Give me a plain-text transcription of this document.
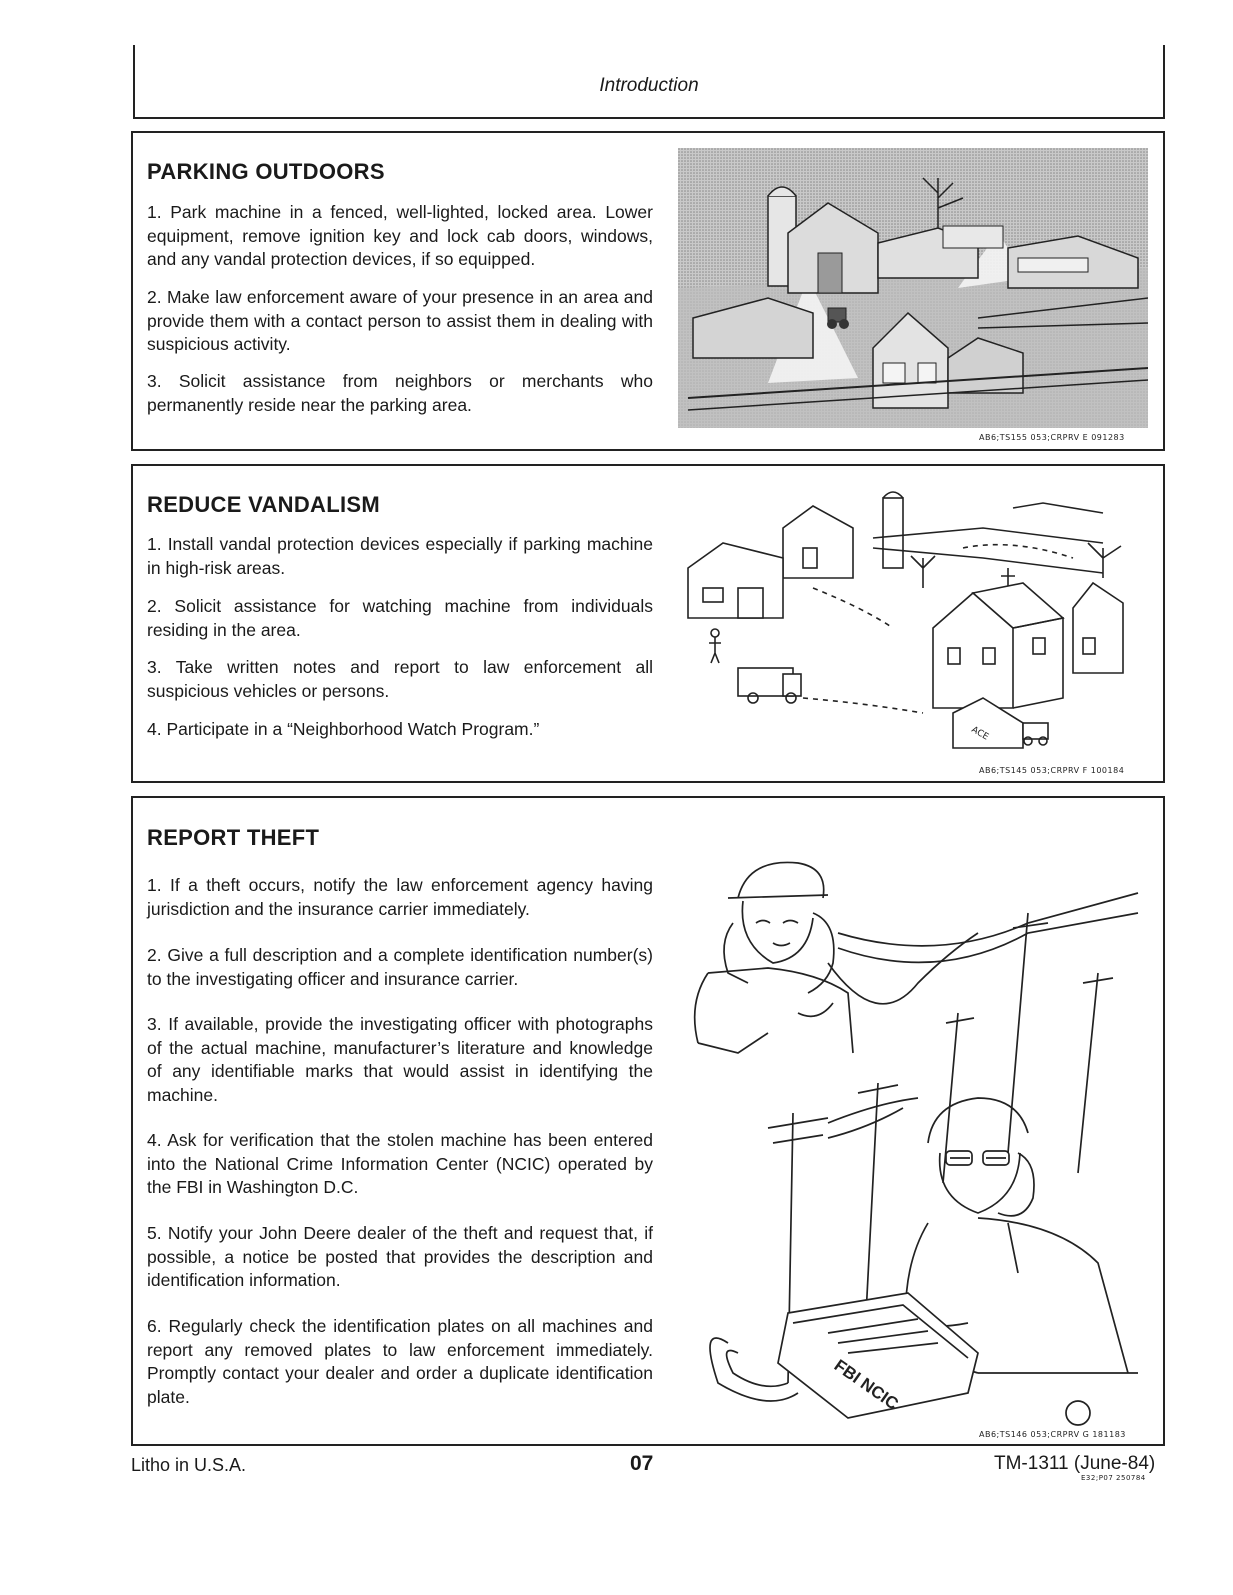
Introduction
PARKING OUTDOORS
1. Park machine in a fenced, well-lighted, locked area. Lower equipment, remove ignition key and lock cab doors, windows, and any vandal protection devices, if so equipped.
2. Make law enforcement aware of your presence in an area and provide them with a contact person to assist them in dealing with suspicious activity.
3. Solicit assistance from neighbors or merchants who permanently reside near the parking area.
AB6;TS155 053;CRPRV E 091283
REDUCE VANDALISM
1. Install vandal protection devices especially if parking machine in high-risk areas.
2. Solicit assistance for watching machine from individuals residing in the area.
3. Take written notes and report to law enforcement all suspicious vehicles or persons.
4. Participate in a “Neighborhood Watch Program.”	ACE
AB6;TS145 053;CRPRV F 100184
REPORT THEFT
1. If a theft occurs, notify the law enforcement agency having jurisdiction and the insurance carrier immediately.
2. Give a full description and a complete identification number(s) to the investigating officer and insurance carrier.
3. If available, provide the investigating officer with photographs of the actual machine, manufacturer’s literature and knowledge of any identifiable marks that would assist in identifying the machine.
4. Ask for verification that the stolen machine has been entered into the National Crime Information Center (NCIC) operated by the FBI in Washington D.C.
5. Notify your John Deere dealer of the theft and request that, if possible, a notice be posted that provides the description and identification information.
6. Regularly check the identification plates on all machines and report any removed plates to law enforcement immediately. Promptly contact your dealer and order a duplicate identification plate.	FBI NCIC
AB6;TS146 053;CRPRV G 181183
Litho in U.S.A.	07	TM-1311 (June-84)
E32;P07 250784
